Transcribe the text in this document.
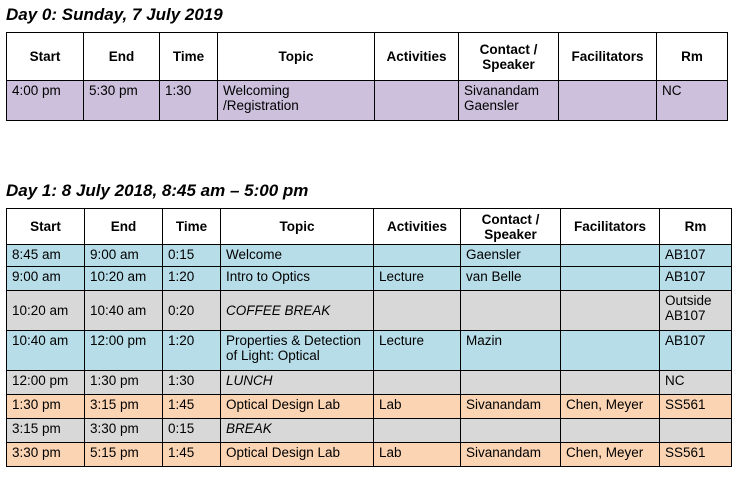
Day 0: Sunday, 7 July 2019
Start	End	Time	Topic	Activities	Contact / Speaker	Facilitators	Rm
4:00 pm	5:30 pm	1:30	Welcoming /Registration		Sivanandam Gaensler		NC
Day 1: 8 July 2018, 8:45 am – 5:00 pm
Start	End	Time	Topic	Activities	Contact / Speaker	Facilitators	Rm
8:45 am	9:00 am	0:15	Welcome		Gaensler		AB107
9:00 am	10:20 am	1:20	Intro to Optics	Lecture	van Belle		AB107
10:20 am	10:40 am	0:20	COFFEE BREAK				Outside AB107
10:40 am	12:00 pm	1:20	Properties & Detection of Light: Optical	Lecture	Mazin		AB107
12:00 pm	1:30 pm	1:30	LUNCH				NC
1:30 pm	3:15 pm	1:45	Optical Design Lab	Lab	Sivanandam	Chen, Meyer	SS561
3:15 pm	3:30 pm	0:15	BREAK				
3:30 pm	5:15 pm	1:45	Optical Design Lab	Lab	Sivanandam	Chen, Meyer	SS561
